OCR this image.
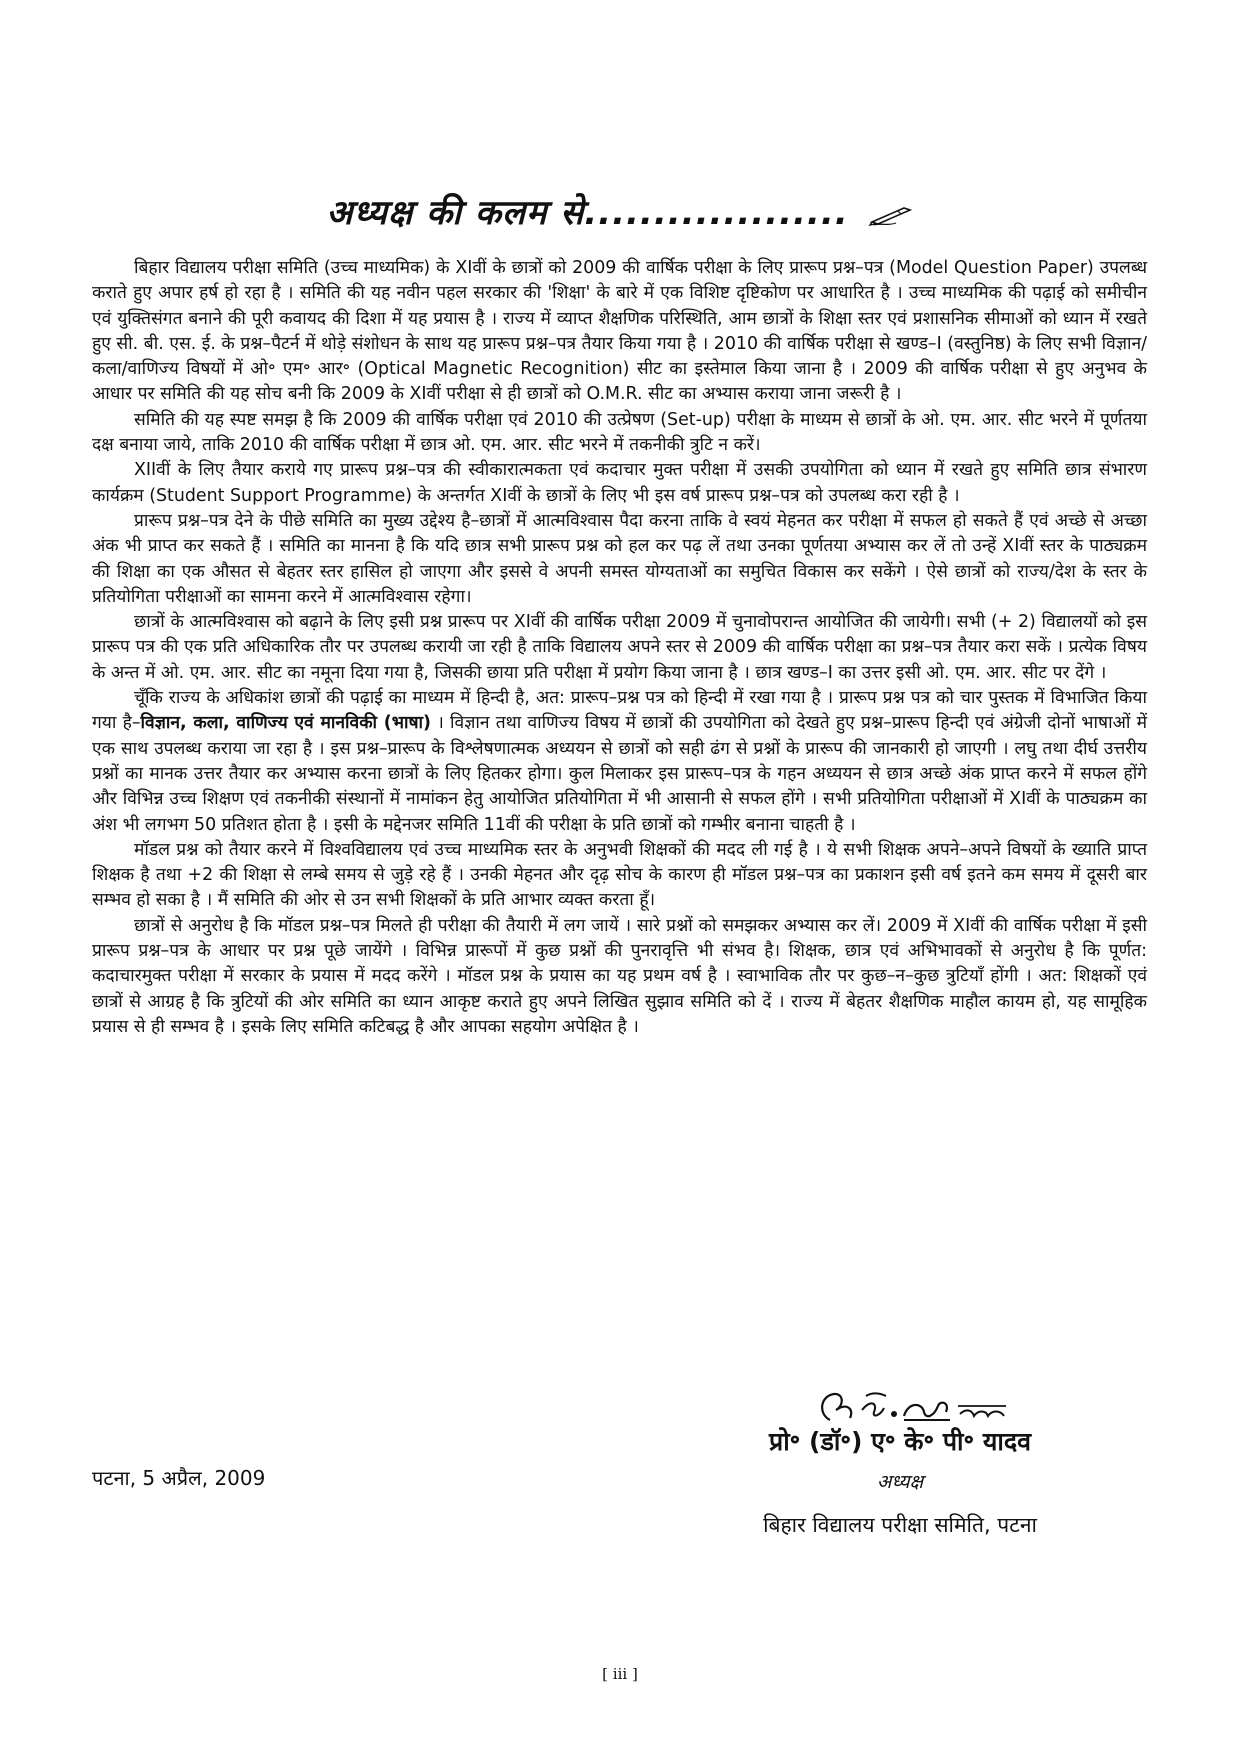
अध्यक्ष की कलम से...................

बिहार विद्यालय परीक्षा समिति (उच्च माध्यमिक) के XIवीं के छात्रों को 2009 की वार्षिक परीक्षा के लिए प्रारूप प्रश्न–पत्र (Model Question Paper) उपलब्ध कराते हुए अपार हर्ष हो रहा है । समिति की यह नवीन पहल सरकार की 'शिक्षा' के बारे में एक विशिष्ट दृष्टिकोण पर आधारित है । उच्च माध्यमिक की पढ़ाई को समीचीन एवं युक्तिसंगत बनाने की पूरी कवायद की दिशा में यह प्रयास है । राज्य में व्याप्त शैक्षणिक परिस्थिति, आम छात्रों के शिक्षा स्तर एवं प्रशासनिक सीमाओं को ध्यान में रखते हुए सी. बी. एस. ई. के प्रश्न–पैटर्न में थोड़े संशोधन के साथ यह प्रारूप प्रश्न–पत्र तैयार किया गया है । 2010 की वार्षिक परीक्षा से खण्ड–I (वस्तुनिष्ठ) के लिए सभी विज्ञान/कला/वाणिज्य विषयों में ओ॰ एम॰ आर॰ (Optical Magnetic Recognition) सीट का इस्तेमाल किया जाना है । 2009 की वार्षिक परीक्षा से हुए अनुभव के आधार पर समिति की यह सोच बनी कि 2009 के XIवीं परीक्षा से ही छात्रों को O.M.R. सीट का अभ्यास कराया जाना जरूरी है ।

समिति की यह स्पष्ट समझ है कि 2009 की वार्षिक परीक्षा एवं 2010 की उत्प्रेषण (Set-up) परीक्षा के माध्यम से छात्रों के ओ. एम. आर. सीट भरने में पूर्णतया दक्ष बनाया जाये, ताकि 2010 की वार्षिक परीक्षा में छात्र ओ. एम. आर. सीट भरने में तकनीकी त्रुटि न करें।

XIIवीं के लिए तैयार कराये गए प्रारूप प्रश्न–पत्र की स्वीकारात्मकता एवं कदाचार मुक्त परीक्षा में उसकी उपयोगिता को ध्यान में रखते हुए समिति छात्र संभारण कार्यक्रम (Student Support Programme) के अन्तर्गत XIवीं के छात्रों के लिए भी इस वर्ष प्रारूप प्रश्न–पत्र को उपलब्ध करा रही है ।

प्रारूप प्रश्न–पत्र देने के पीछे समिति का मुख्य उद्देश्य है–छात्रों में आत्मविश्वास पैदा करना ताकि वे स्वयं मेहनत कर परीक्षा में सफल हो सकते हैं एवं अच्छे से अच्छा अंक भी प्राप्त कर सकते हैं । समिति का मानना है कि यदि छात्र सभी प्रारूप प्रश्न को हल कर पढ़ लें तथा उनका पूर्णतया अभ्यास कर लें तो उन्हें XIवीं स्तर के पाठ्यक्रम की शिक्षा का एक औसत से बेहतर स्तर हासिल हो जाएगा और इससे वे अपनी समस्त योग्यताओं का समुचित विकास कर सकेंगे । ऐसे छात्रों को राज्य/देश के स्तर के प्रतियोगिता परीक्षाओं का सामना करने में आत्मविश्वास रहेगा।

छात्रों के आत्मविश्वास को बढ़ाने के लिए इसी प्रश्न प्रारूप पर XIवीं की वार्षिक परीक्षा 2009 में चुनावोपरान्त आयोजित की जायेगी। सभी (+ 2) विद्यालयों को इस प्रारूप पत्र की एक प्रति अधिकारिक तौर पर उपलब्ध करायी जा रही है ताकि विद्यालय अपने स्तर से 2009 की वार्षिक परीक्षा का प्रश्न–पत्र तैयार करा सकें । प्रत्येक विषय के अन्त में ओ. एम. आर. सीट का नमूना दिया गया है, जिसकी छाया प्रति परीक्षा में प्रयोग किया जाना है । छात्र खण्ड–I का उत्तर इसी ओ. एम. आर. सीट पर देंगे ।

चूँकि राज्य के अधिकांश छात्रों की पढ़ाई का माध्यम में हिन्दी है, अत: प्रारूप–प्रश्न पत्र को हिन्दी में रखा गया है । प्रारूप प्रश्न पत्र को चार पुस्तक में विभाजित किया गया है–विज्ञान, कला, वाणिज्य एवं मानविकी (भाषा) । विज्ञान तथा वाणिज्य विषय में छात्रों की उपयोगिता को देखते हुए प्रश्न–प्रारूप हिन्दी एवं अंग्रेजी दोनों भाषाओं में एक साथ उपलब्ध कराया जा रहा है । इस प्रश्न–प्रारूप के विश्लेषणात्मक अध्ययन से छात्रों को सही ढंग से प्रश्नों के प्रारूप की जानकारी हो जाएगी । लघु तथा दीर्घ उत्तरीय प्रश्नों का मानक उत्तर तैयार कर अभ्यास करना छात्रों के लिए हितकर होगा। कुल मिलाकर इस प्रारूप–पत्र के गहन अध्ययन से छात्र अच्छे अंक प्राप्त करने में सफल होंगे और विभिन्न उच्च शिक्षण एवं तकनीकी संस्थानों में नामांकन हेतु आयोजित प्रतियोगिता में भी आसानी से सफल होंगे । सभी प्रतियोगिता परीक्षाओं में XIवीं के पाठ्यक्रम का अंश भी लगभग 50 प्रतिशत होता है । इसी के मद्देनजर समिति 11वीं की परीक्षा के प्रति छात्रों को गम्भीर बनाना चाहती है ।

मॉडल प्रश्न को तैयार करने में विश्वविद्यालय एवं उच्च माध्यमिक स्तर के अनुभवी शिक्षकों की मदद ली गई है । ये सभी शिक्षक अपने–अपने विषयों के ख्याति प्राप्त शिक्षक है तथा +2 की शिक्षा से लम्बे समय से जुड़े रहे हैं । उनकी मेहनत और दृढ़ सोच के कारण ही मॉडल प्रश्न–पत्र का प्रकाशन इसी वर्ष इतने कम समय में दूसरी बार सम्भव हो सका है । मैं समिति की ओर से उन सभी शिक्षकों के प्रति आभार व्यक्त करता हूँ।

छात्रों से अनुरोध है कि मॉडल प्रश्न–पत्र मिलते ही परीक्षा की तैयारी में लग जायें । सारे प्रश्नों को समझकर अभ्यास कर लें। 2009 में XIवीं की वार्षिक परीक्षा में इसी प्रारूप प्रश्न–पत्र के आधार पर प्रश्न पूछे जायेंगे । विभिन्न प्रारूपों में कुछ प्रश्नों की पुनरावृत्ति भी संभव है। शिक्षक, छात्र एवं अभिभावकों से अनुरोध है कि पूर्णत: कदाचारमुक्त परीक्षा में सरकार के प्रयास में मदद करेंगे । मॉडल प्रश्न के प्रयास का यह प्रथम वर्ष है । स्वाभाविक तौर पर कुछ–न–कुछ त्रुटियाँ होंगी । अत: शिक्षकों एवं छात्रों से आग्रह है कि त्रुटियों की ओर समिति का ध्यान आकृष्ट कराते हुए अपने लिखित सुझाव समिति को दें । राज्य में बेहतर शैक्षणिक माहौल कायम हो, यह सामूहिक प्रयास से ही सम्भव है । इसके लिए समिति कटिबद्ध है और आपका सहयोग अपेक्षित है ।

प्रो॰ (डॉ॰) ए॰ के॰ पी॰ यादव
अध्यक्ष
बिहार विद्यालय परीक्षा समिति, पटना
पटना, 5 अप्रैल, 2009
[ iii ]
